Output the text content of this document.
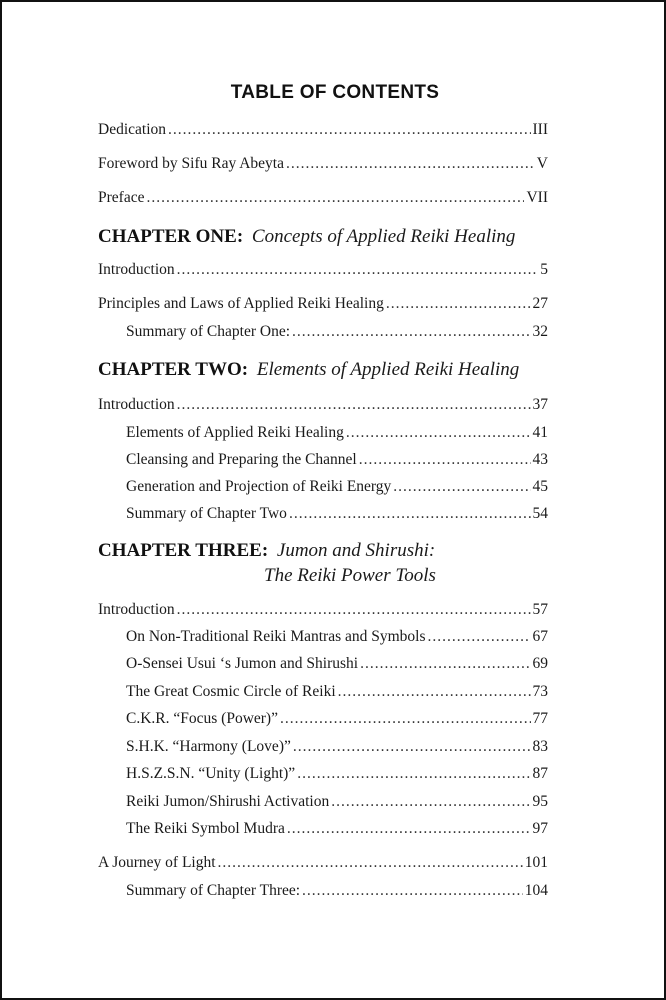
TABLE OF CONTENTS
Dedication .....	III
Foreword by Sifu Ray Abeyta .....	V
Preface .....	VII
CHAPTER ONE: Concepts of Applied Reiki Healing
Introduction .....	5
Principles and Laws of Applied Reiki Healing .....	27
Summary of Chapter One: .....	32
CHAPTER TWO: Elements of Applied Reiki Healing
Introduction .....	37
Elements of Applied Reiki Healing .....	41
Cleansing and Preparing the Channel .....	43
Generation and Projection of Reiki Energy .....	45
Summary of Chapter Two .....	54
CHAPTER THREE: Jumon and Shirushi:
The Reiki Power Tools
Introduction .....	57
On Non-Traditional Reiki Mantras and Symbols .....	67
O-Sensei Usui ‘s Jumon and Shirushi .....	69
The Great Cosmic Circle of Reiki .....	73
C.K.R. “Focus (Power)” .....	77
S.H.K. “Harmony (Love)” .....	83
H.S.Z.S.N. “Unity (Light)” .....	87
Reiki Jumon/Shirushi Activation .....	95
The Reiki Symbol Mudra .....	97
A Journey of Light .....	101
Summary of Chapter Three: .....	104
